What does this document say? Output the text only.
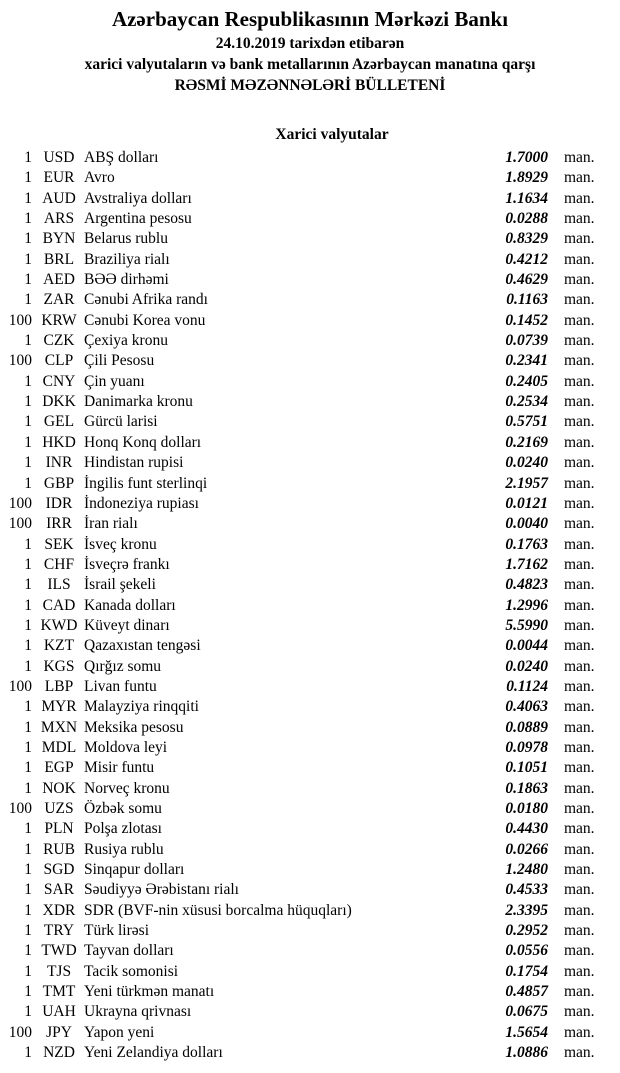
Azərbaycan Respublikasının Mərkəzi Bankı
24.10.2019 tarixdən etibarən
xarici valyutaların və bank metallarının Azərbaycan manatına qarşı
RƏSMİ MƏZƏNNƏLƏRİ BÜLLETENİ
Xarici valyutalar
1 USD ABŞ dolları	1.7000	man.
1 EUR Avro	1.8929	man.
1 AUD Avstraliya dolları	1.1634	man.
1 ARS Argentina pesosu	0.0288	man.
1 BYN Belarus rublu	0.8329	man.
1 BRL Braziliya rialı	0.4212	man.
1 AED BƏƏ dirhəmi	0.4629	man.
1 ZAR Cənubi Afrika randı	0.1163	man.
100 KRW Cənubi Korea vonu	0.1452	man.
1 CZK Çexiya kronu	0.0739	man.
100 CLP Çili Pesosu	0.2341	man.
1 CNY Çin yuanı	0.2405	man.
1 DKK Danimarka kronu	0.2534	man.
1 GEL Gürcü larisi	0.5751	man.
1 HKD Honq Konq dolları	0.2169	man.
1 INR Hindistan rupisi	0.0240	man.
1 GBP İngilis funt sterlinqi	2.1957	man.
100 IDR İndoneziya rupiası	0.0121	man.
100 IRR İran rialı	0.0040	man.
1 SEK İsveç kronu	0.1763	man.
1 CHF İsveçrə frankı	1.7162	man.
1 ILS İsrail şekeli	0.4823	man.
1 CAD Kanada dolları	1.2996	man.
1 KWD Küveyt dinarı	5.5990	man.
1 KZT Qazaxıstan tengəsi	0.0044	man.
1 KGS Qırğız somu	0.0240	man.
100 LBP Livan funtu	0.1124	man.
1 MYR Malayziya rinqqiti	0.4063	man.
1 MXN Meksika pesosu	0.0889	man.
1 MDL Moldova leyi	0.0978	man.
1 EGP Misir funtu	0.1051	man.
1 NOK Norveç kronu	0.1863	man.
100 UZS Özbək somu	0.0180	man.
1 PLN Polşa zlotası	0.4430	man.
1 RUB Rusiya rublu	0.0266	man.
1 SGD Sinqapur dolları	1.2480	man.
1 SAR Səudiyyə Ərəbistanı rialı	0.4533	man.
1 XDR SDR (BVF-nin xüsusi borcalma hüquqları)	2.3395	man.
1 TRY Türk lirəsi	0.2952	man.
1 TWD Tayvan dolları	0.0556	man.
1 TJS Tacik somonisi	0.1754	man.
1 TMT Yeni türkmən manatı	0.4857	man.
1 UAH Ukrayna qrivnası	0.0675	man.
100 JPY Yapon yeni	1.5654	man.
1 NZD Yeni Zelandiya dolları	1.0886	man.
